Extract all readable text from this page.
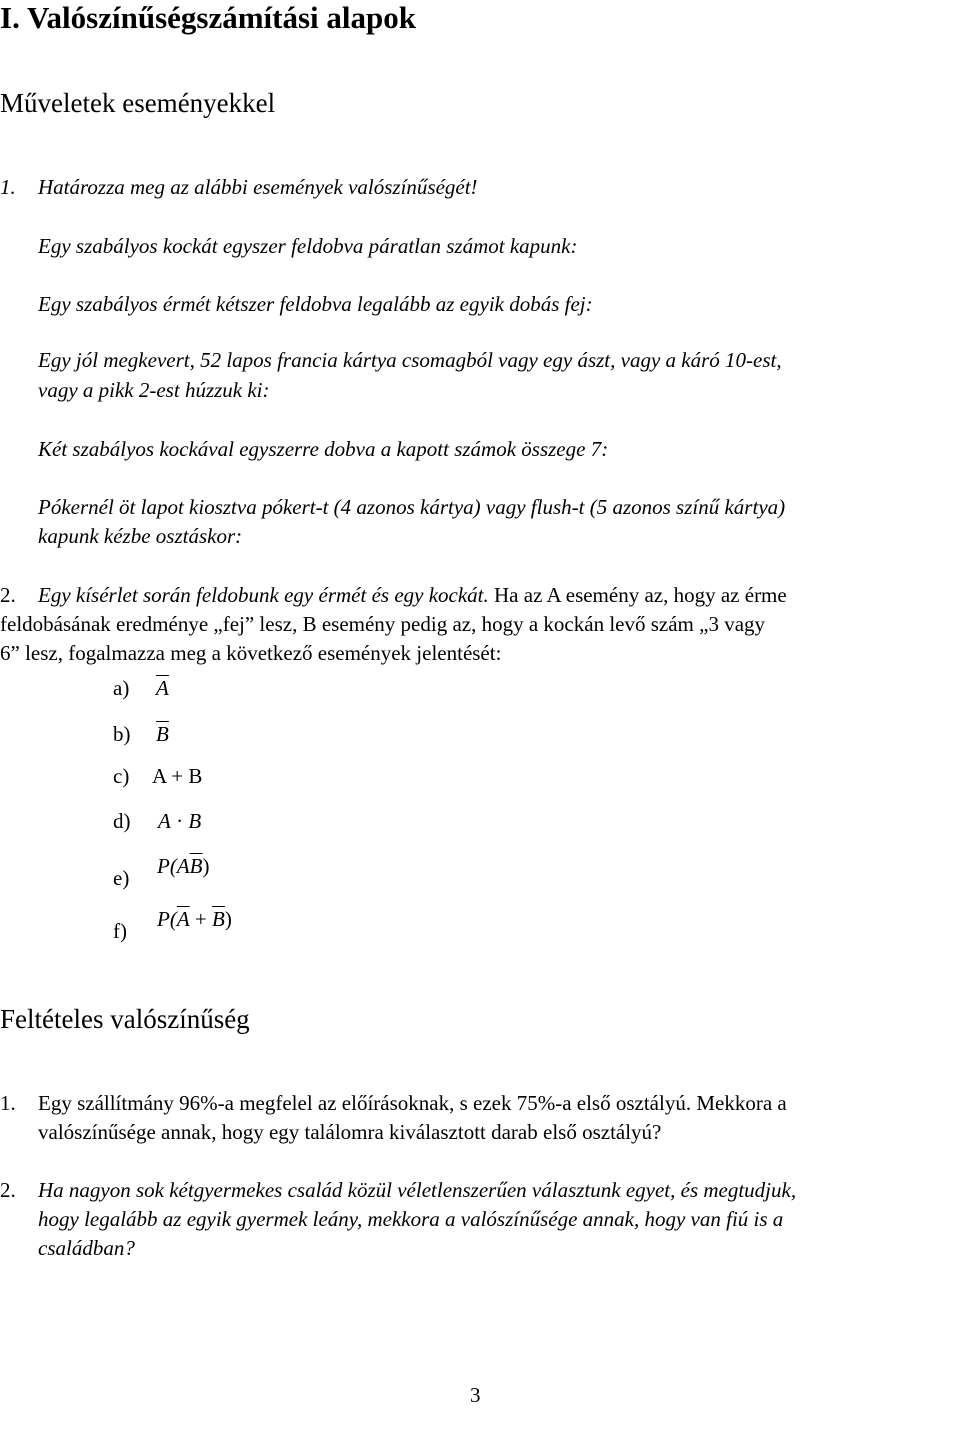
I. Valószínűségszámítási alapok
Műveletek eseményekkel
1. Határozza meg az alábbi események valószínűségét!
Egy szabályos kockát egyszer feldobva páratlan számot kapunk:
Egy szabályos érmét kétszer feldobva legalább az egyik dobás fej:
Egy jól megkevert, 52 lapos francia kártya csomagból vagy egy ászt, vagy a káró 10-est,
vagy a pikk 2-est húzzuk ki:
Két szabályos kockával egyszerre dobva a kapott számok összege 7:
Pókernél öt lapot kiosztva pókert-t (4 azonos kártya) vagy flush-t (5 azonos színű kártya)
kapunk kézbe osztáskor:
2. Egy kísérlet során feldobunk egy érmét és egy kockát. Ha az A esemény az, hogy az érme
feldobásának eredménye „fej” lesz, B esemény pedig az, hogy a kockán levő szám „3 vagy
6” lesz, fogalmazza meg a következő események jelentését:
a) $\overline{A}$
b) $\overline{B}$
c) A + B
d) A · B
e) $P(A\overline{B})$
f) $P(\overline{A} + \overline{B})$
Feltételes valószínűség
1. Egy szállítmány 96%-a megfelel az előírásoknak, s ezek 75%-a első osztályú. Mekkora a
valószínűsége annak, hogy egy találomra kiválasztott darab első osztályú?
2. Ha nagyon sok kétgyermekes család közül véletlenszerűen választunk egyet, és megtudjuk,
hogy legalább az egyik gyermek leány, mekkora a valószínűsége annak, hogy van fiú is a
családban?
3
